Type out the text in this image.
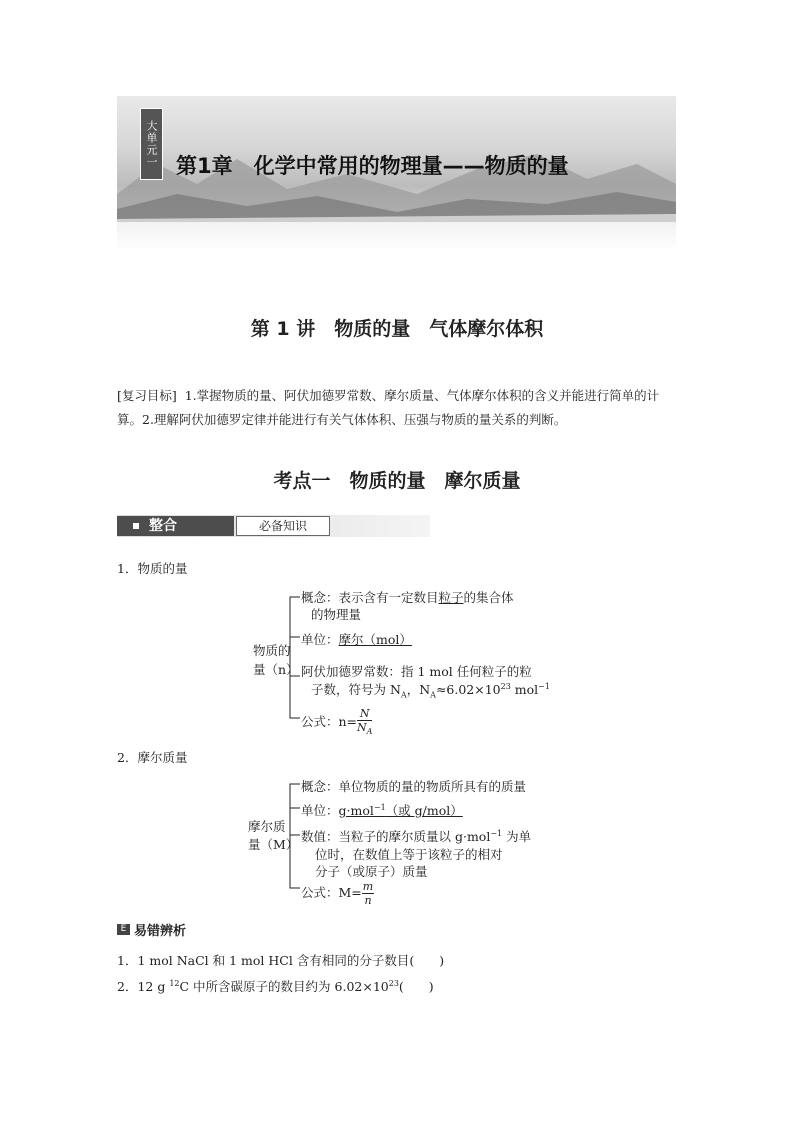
大单元一 第1章　化学中常用的物理量——物质的量
第 1 讲　物质的量　气体摩尔体积
[复习目标] 1.掌握物质的量、阿伏加德罗常数、摩尔质量、气体摩尔体积的含义并能进行简单的计算。2.理解阿伏加德罗定律并能进行有关气体体积、压强与物质的量关系的判断。
考点一　物质的量　摩尔质量
整合	必备知识
1．物质的量
物质的
量（n）
概念：表示含有一定数目粒子的集合体
的物理量
单位：摩尔（mol）
阿伏加德罗常数：指 1 mol 任何粒子的粒
子数，符号为 $N_A$，$N_A\approx 6.02\times 10^{23}$ mol$^{-1}$
公式：$n= \frac{N}{N_A}$
2．摩尔质量
摩尔质
量（M）
概念：单位物质的量的物质所具有的质量
单位：g·mol$^{-1}$（或 g/mol）
数值：当粒子的摩尔质量以 g·mol$^{-1}$ 为单
位时，在数值上等于该粒子的相对
分子（或原子）质量
公式：$M= \frac{m}{n}$
E 易错辨析
1．1 mol NaCl 和 1 mol HCl 含有相同的分子数目(　　)
2．12 g $^{12}$C 中所含碳原子的数目约为 $6.02\times 10^{23}$(　　)
